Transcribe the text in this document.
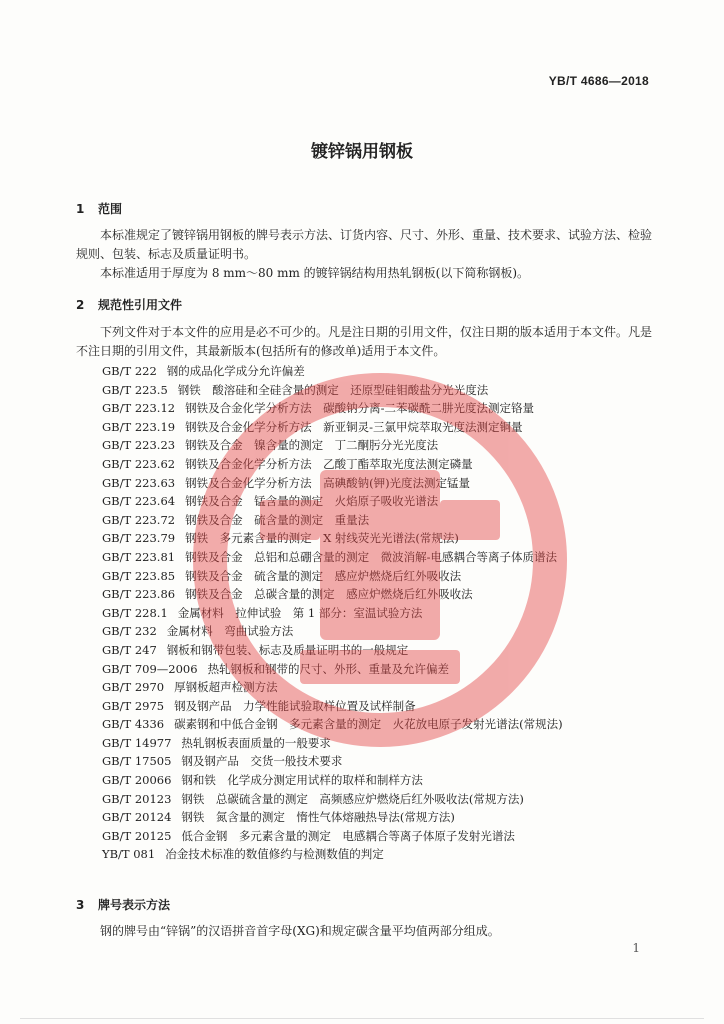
YB/T 4686—2018
镀锌锅用钢板
1 范围
本标准规定了镀锌锅用钢板的牌号表示方法、订货内容、尺寸、外形、重量、技术要求、试验方法、检验规则、包装、标志及质量证明书。
本标准适用于厚度为 8 mm～80 mm 的镀锌锅结构用热轧钢板(以下简称钢板)。
2 规范性引用文件
下列文件对于本文件的应用是必不可少的。凡是注日期的引用文件，仅注日期的版本适用于本文件。凡是不注日期的引用文件，其最新版本(包括所有的修改单)适用于本文件。
GB/T 222 钢的成品化学成分允许偏差
GB/T 223.5 钢铁　酸溶硅和全硅含量的测定　还原型硅钼酸盐分光光度法
GB/T 223.12 钢铁及合金化学分析方法　碳酸钠分离-二苯碳酰二肼光度法测定铬量
GB/T 223.19 钢铁及合金化学分析方法　新亚铜灵-三氯甲烷萃取光度法测定铜量
GB/T 223.23 钢铁及合金　镍含量的测定　丁二酮肟分光光度法
GB/T 223.62 钢铁及合金化学分析方法　乙酸丁酯萃取光度法测定磷量
GB/T 223.63 钢铁及合金化学分析方法　高碘酸钠(钾)光度法测定锰量
GB/T 223.64 钢铁及合金　锰含量的测定　火焰原子吸收光谱法
GB/T 223.72 钢铁及合金　硫含量的测定　重量法
GB/T 223.79 钢铁　多元素含量的测定　X 射线荧光光谱法(常规法)
GB/T 223.81 钢铁及合金　总铝和总硼含量的测定　微波消解-电感耦合等离子体质谱法
GB/T 223.85 钢铁及合金　硫含量的测定　感应炉燃烧后红外吸收法
GB/T 223.86 钢铁及合金　总碳含量的测定　感应炉燃烧后红外吸收法
GB/T 228.1 金属材料　拉伸试验　第 1 部分：室温试验方法
GB/T 232 金属材料　弯曲试验方法
GB/T 247 钢板和钢带包装、标志及质量证明书的一般规定
GB/T 709—2006 热轧钢板和钢带的尺寸、外形、重量及允许偏差
GB/T 2970 厚钢板超声检测方法
GB/T 2975 钢及钢产品　力学性能试验取样位置及试样制备
GB/T 4336 碳素钢和中低合金钢　多元素含量的测定　火花放电原子发射光谱法(常规法)
GB/T 14977 热轧钢板表面质量的一般要求
GB/T 17505 钢及钢产品　交货一般技术要求
GB/T 20066 钢和铁　化学成分测定用试样的取样和制样方法
GB/T 20123 钢铁　总碳硫含量的测定　高频感应炉燃烧后红外吸收法(常规方法)
GB/T 20124 钢铁　氮含量的测定　惰性气体熔融热导法(常规方法)
GB/T 20125 低合金钢　多元素含量的测定　电感耦合等离子体原子发射光谱法
YB/T 081 冶金技术标准的数值修约与检测数值的判定
3 牌号表示方法
钢的牌号由“锌锅”的汉语拼音首字母(XG)和规定碳含量平均值两部分组成。
1
